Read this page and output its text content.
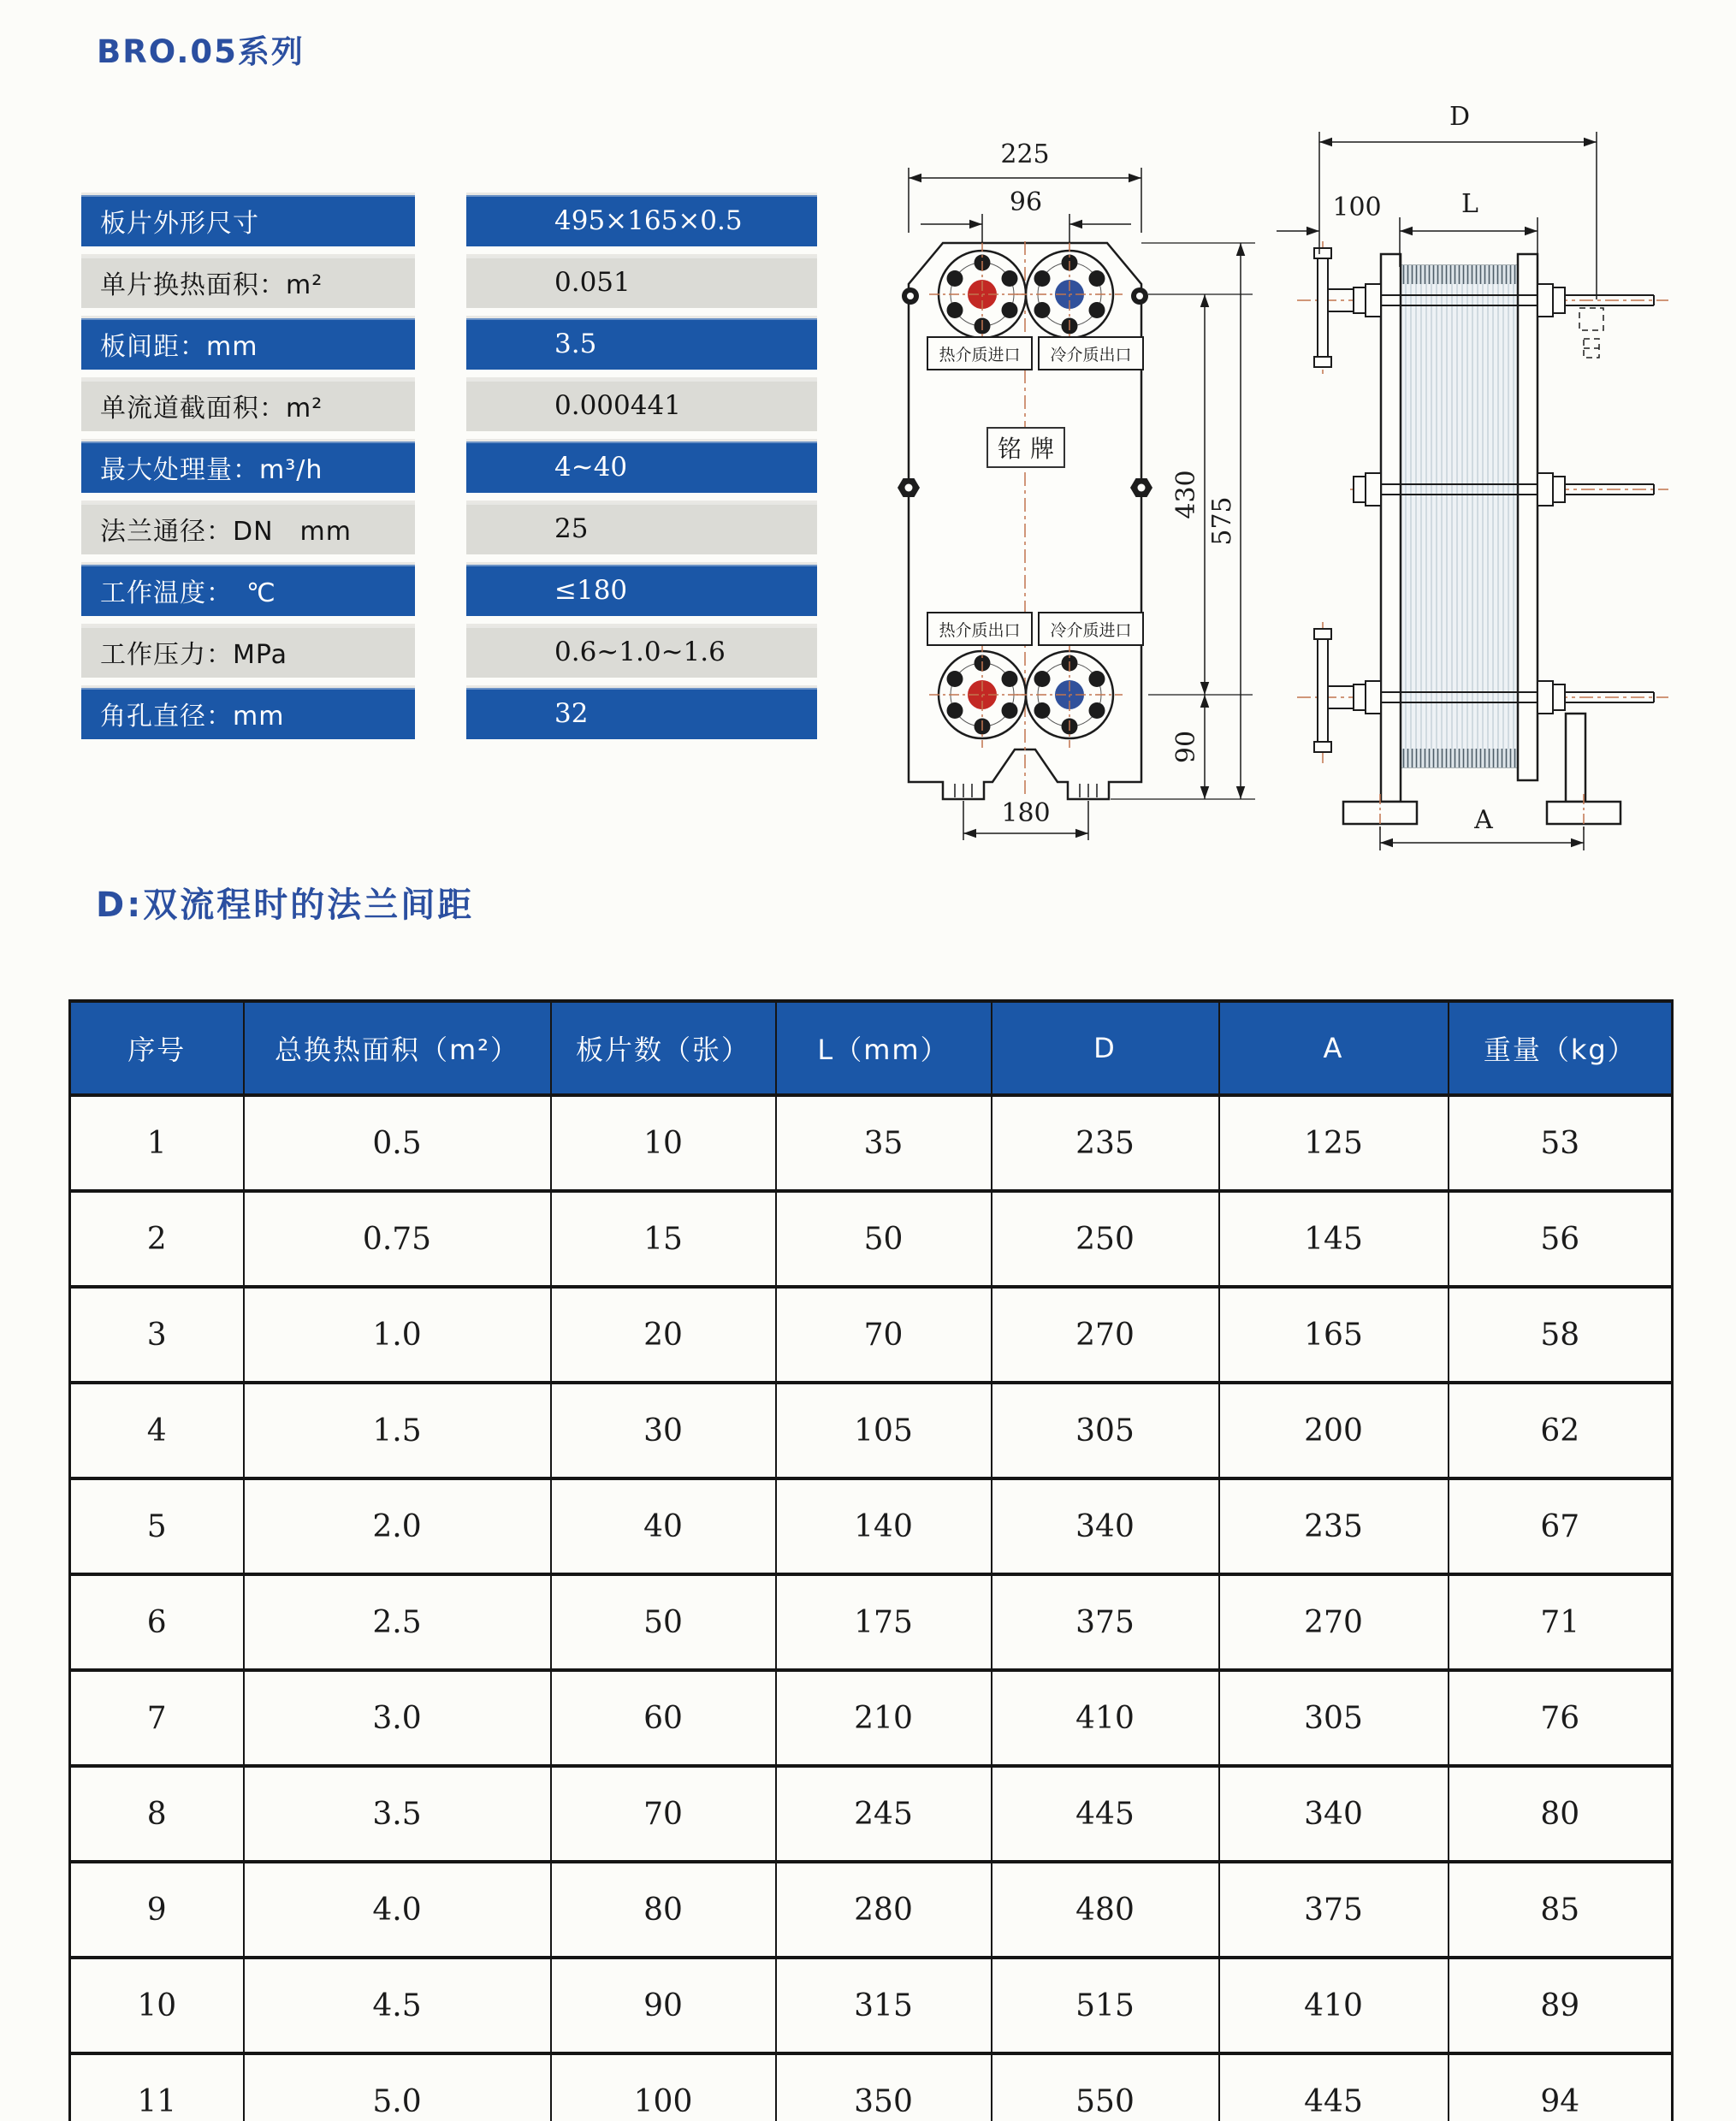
BRO.05系列
板片外形尺寸	495×165×0.5
单片换热面积：m²	0.051
板间距：mm	3.5
单流道截面积：m²	0.000441
最大处理量：m³/h	4~40
法兰通径：DN　mm	25
工作温度：　℃	≤180
工作压力：MPa	0.6~1.0~1.6
角孔直径：mm	32
热介质进口 冷介质出口
热介质出口 冷介质进口
铭牌
225
96
430
575
90
180
D
100	L
A
D:双流程时的法兰间距
序号	总换热面积（m²）	板片数（张）	L（mm）	D	A	重量（kg）
1	0.5	10	35	235	125	53
2	0.75	15	50	250	145	56
3	1.0	20	70	270	165	58
4	1.5	30	105	305	200	62
5	2.0	40	140	340	235	67
6	2.5	50	175	375	270	71
7	3.0	60	210	410	305	76
8	3.5	70	245	445	340	80
9	4.0	80	280	480	375	85
10	4.5	90	315	515	410	89
11	5.0	100	350	550	445	94
